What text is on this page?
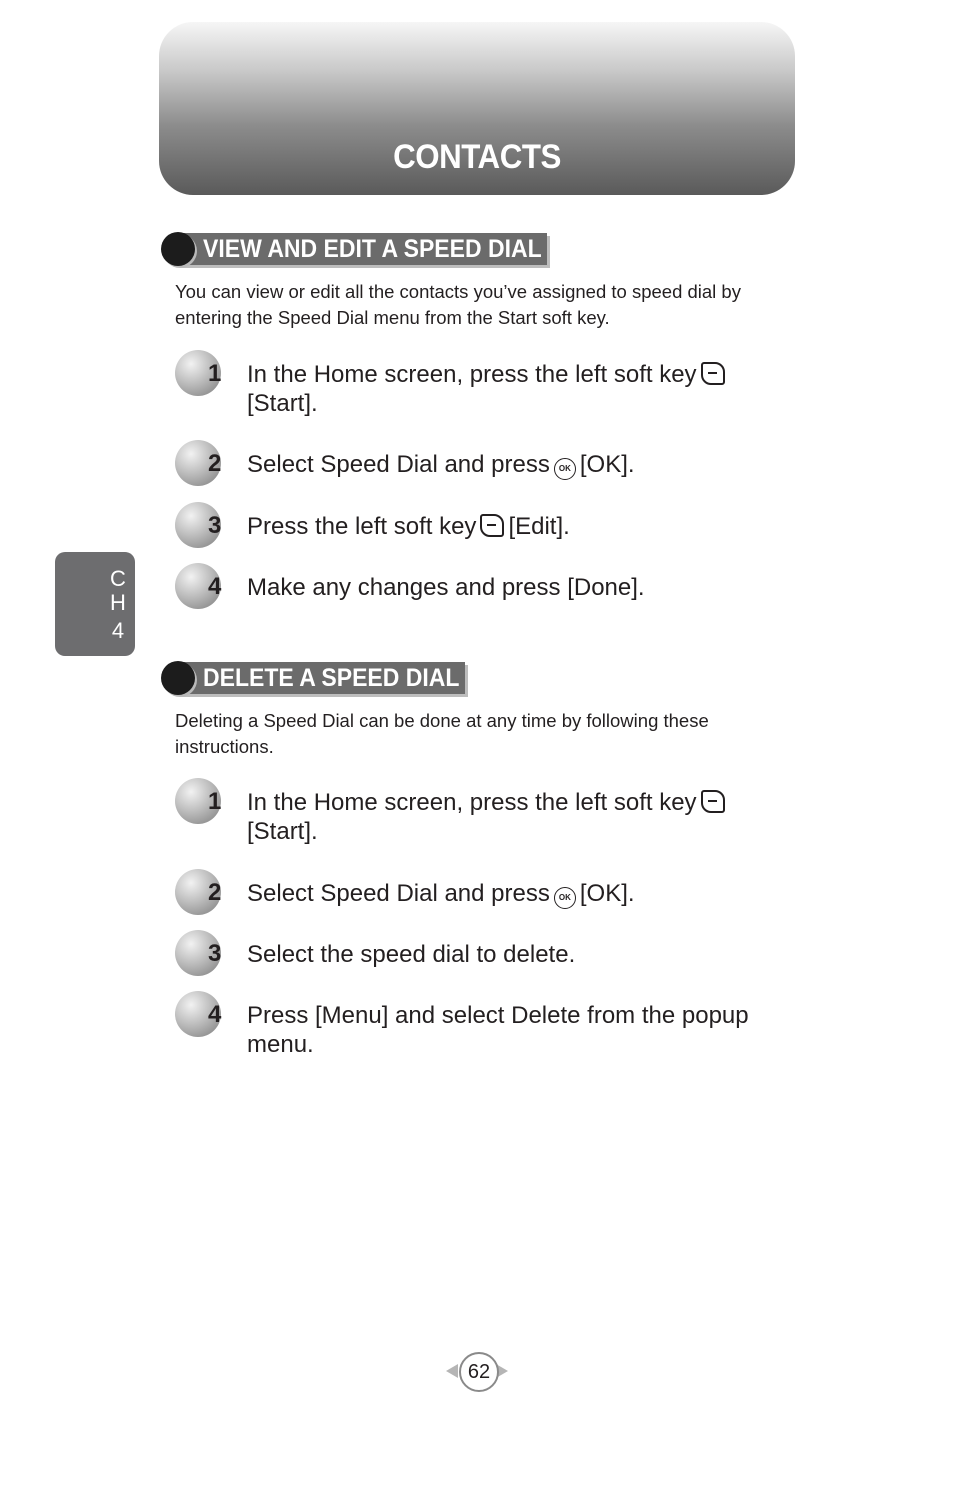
CONTACTS
C
H
4
VIEW AND EDIT A SPEED DIAL
You can view or edit all the contacts you’ve assigned to speed dial by entering the Speed Dial menu from the Start soft key.
1 In the Home screen, press the left soft key
[Start].
2 Select Speed Dial and press OK [OK].
3 Press the left soft key [Edit].
4 Make any changes and press [Done].
DELETE A SPEED DIAL
Deleting a Speed Dial can be done at any time by following these instructions.
1 In the Home screen, press the left soft key
[Start].
2 Select Speed Dial and press OK [OK].
3 Select the speed dial to delete.
4 Press [Menu] and select Delete from the popup menu.
62
